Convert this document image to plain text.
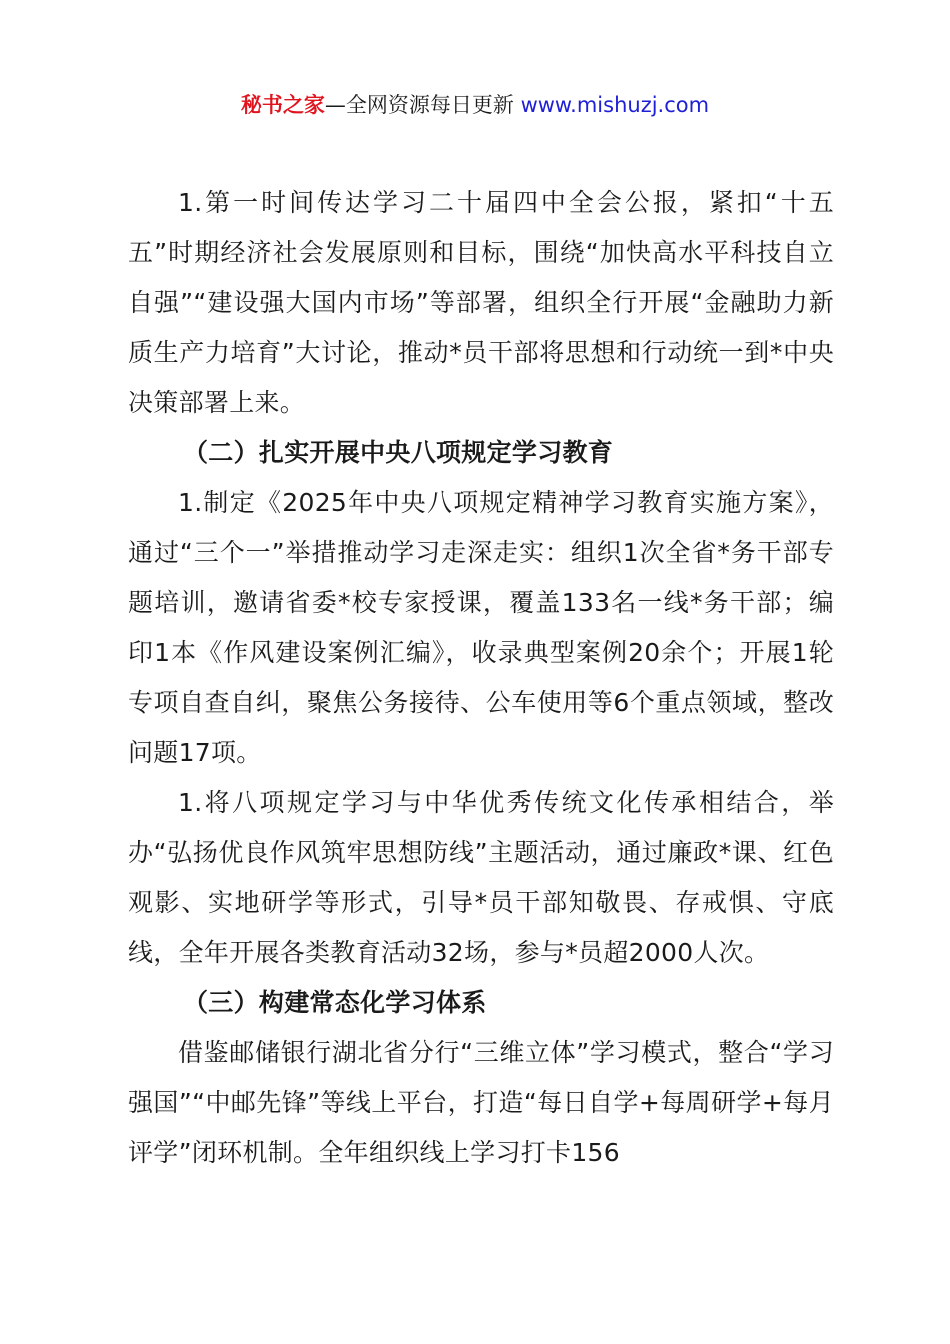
秘书之家—全网资源每日更新 www.mishuzj.com

1.第一时间传达学习二十届四中全会公报，紧扣“十五五”时期经济社会发展原则和目标，围绕“加快高水平科技自立自强”“建设强大国内市场”等部署，组织全行开展“金融助力新质生产力培育”大讨论，推动*员干部将思想和行动统一到*中央决策部署上来。

（二）扎实开展中央八项规定学习教育

1.制定《2025年中央八项规定精神学习教育实施方案》，通过“三个一”举措推动学习走深走实：组织1次全省*务干部专题培训，邀请省委*校专家授课，覆盖133名一线*务干部；编印1本《作风建设案例汇编》，收录典型案例20余个；开展1轮专项自查自纠，聚焦公务接待、公车使用等6个重点领域，整改问题17项。

1.将八项规定学习与中华优秀传统文化传承相结合，举办“弘扬优良作风筑牢思想防线”主题活动，通过廉政*课、红色观影、实地研学等形式，引导*员干部知敬畏、存戒惧、守底线，全年开展各类教育活动32场，参与*员超2000人次。

（三）构建常态化学习体系

借鉴邮储银行湖北省分行“三维立体”学习模式，整合“学习强国”“中邮先锋”等线上平台，打造“每日自学+每周研学+每月评学”闭环机制。全年组织线上学习打卡156
